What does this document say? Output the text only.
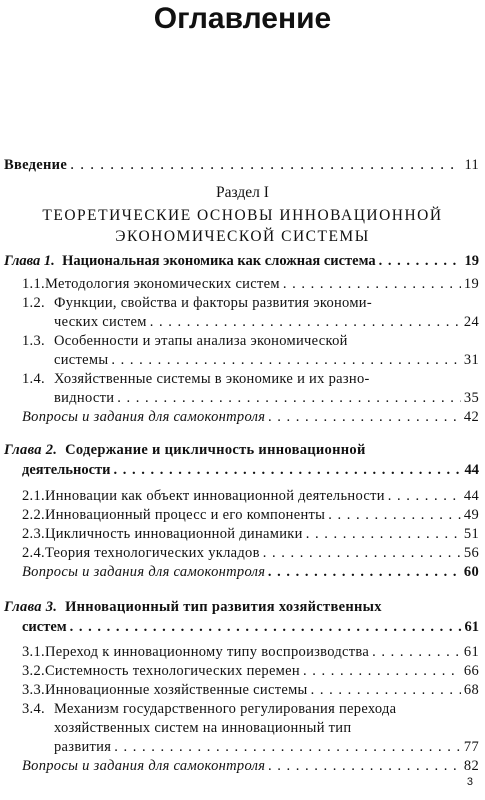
Оглавление
Введение . . .	11
Раздел I
ТЕОРЕТИЧЕСКИЕ ОСНОВЫ ИННОВАЦИОННОЙ
ЭКОНОМИЧЕСКОЙ СИСТЕМЫ
Глава 1.
Национальная экономика как сложная система . . .	19
1.1. Методология экономических систем . . .	19
1.2. Функции, свойства и факторы развития экономи-
ческих систем . . .	24
1.3. Особенности и этапы анализа экономической
системы . . .	31
1.4. Хозяйственные системы в экономике и их разно-
видности . . .	35
Вопросы и задания для самоконтроля . . .	42
Глава 2. Содержание и цикличность инновационной
деятельности . . .	44
2.1. Инновации как объект инновационной деятельности . . .	44
2.2. Инновационный процесс и его компоненты . . .	49
2.3. Цикличность инновационной динамики . . .	51
2.4. Теория технологических укладов . . .	56
Вопросы и задания для самоконтроля . . .	60
Глава 3. Инновационный тип развития хозяйственных
систем . . .	61
3.1. Переход к инновационному типу воспроизводства . . .	61
3.2. Системность технологических перемен . . .	66
3.3. Инновационные хозяйственные системы . . .	68
3.4. Механизм государственного регулирования перехода
хозяйственных систем на инновационный тип
развития . . .	77
Вопросы и задания для самоконтроля . . .	82
3
